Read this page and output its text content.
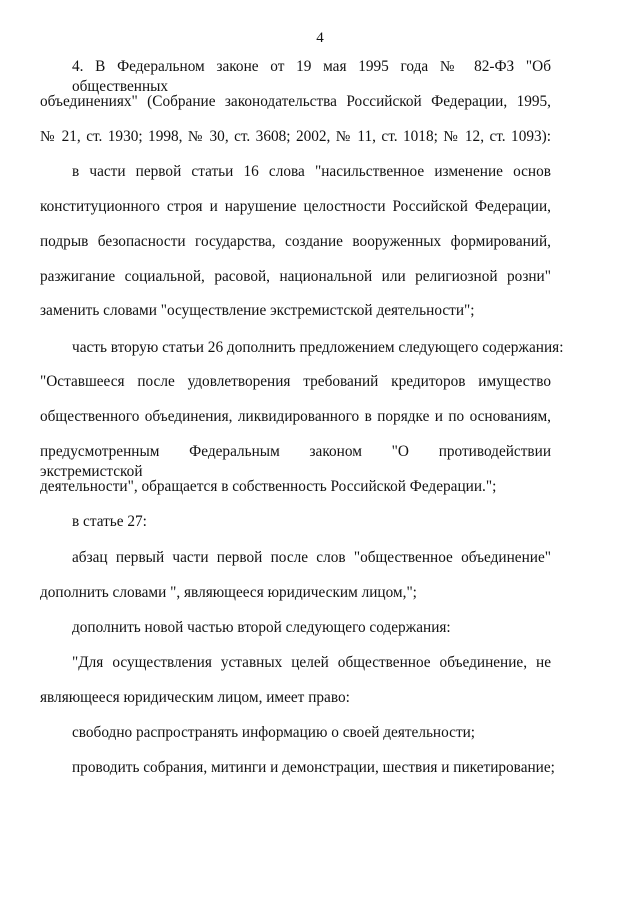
4
4. В Федеральном законе от 19 мая 1995 года № 82-ФЗ "Об общественных
объединениях" (Собрание законодательства Российской Федерации, 1995,
№ 21, ст. 1930; 1998, № 30, ст. 3608; 2002, № 11, ст. 1018; № 12, ст. 1093):
в части первой статьи 16 слова "насильственное изменение основ
конституционного строя и нарушение целостности Российской Федерации,
подрыв безопасности государства, создание вооруженных формирований,
разжигание социальной, расовой, национальной или религиозной розни"
заменить словами "осуществление экстремистской деятельности";
часть вторую статьи 26 дополнить предложением следующего содержания:
"Оставшееся после удовлетворения требований кредиторов имущество
общественного объединения, ликвидированного в порядке и по основаниям,
предусмотренным Федеральным законом "О противодействии экстремистской
деятельности", обращается в собственность Российской Федерации.";
в статье 27:
абзац первый части первой после слов "общественное объединение"
дополнить словами ", являющееся юридическим лицом,";
дополнить новой частью второй следующего содержания:
"Для осуществления уставных целей общественное объединение, не
являющееся юридическим лицом, имеет право:
свободно распространять информацию о своей деятельности;
проводить собрания, митинги и демонстрации, шествия и пикетирование;
